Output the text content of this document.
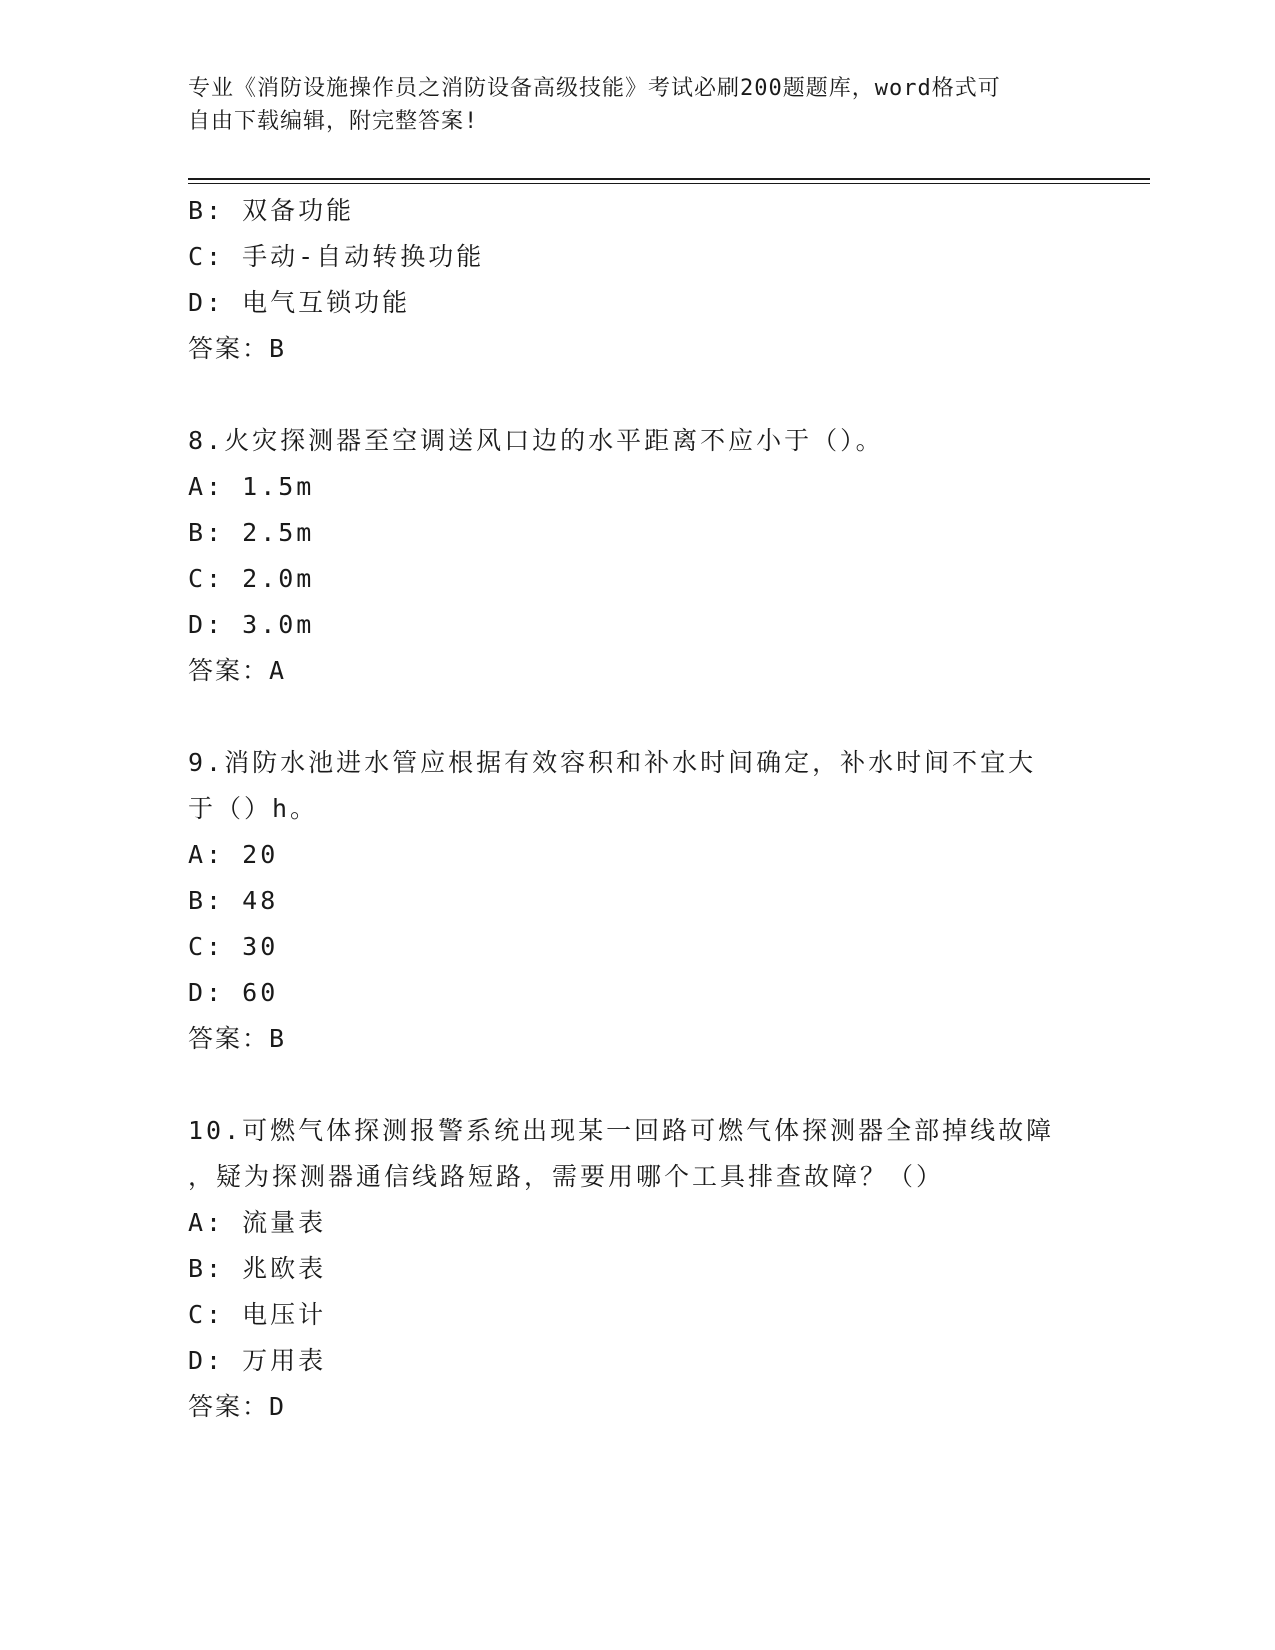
专业《消防设施操作员之消防设备高级技能》考试必刷200题题库，word格式可
自由下载编辑，附完整答案!
B: 双备功能
C: 手动-自动转换功能
D: 电气互锁功能
答案：B
8.火灾探测器至空调送风口边的水平距离不应小于（）。
A: 1.5m
B: 2.5m
C: 2.0m
D: 3.0m
答案：A
9.消防水池进水管应根据有效容积和补水时间确定，补水时间不宜大
于（）h。
A: 20
B: 48
C: 30
D: 60
答案：B
10.可燃气体探测报警系统出现某一回路可燃气体探测器全部掉线故障
，疑为探测器通信线路短路，需要用哪个工具排查故障？（）
A: 流量表
B: 兆欧表
C: 电压计
D: 万用表
答案：D
